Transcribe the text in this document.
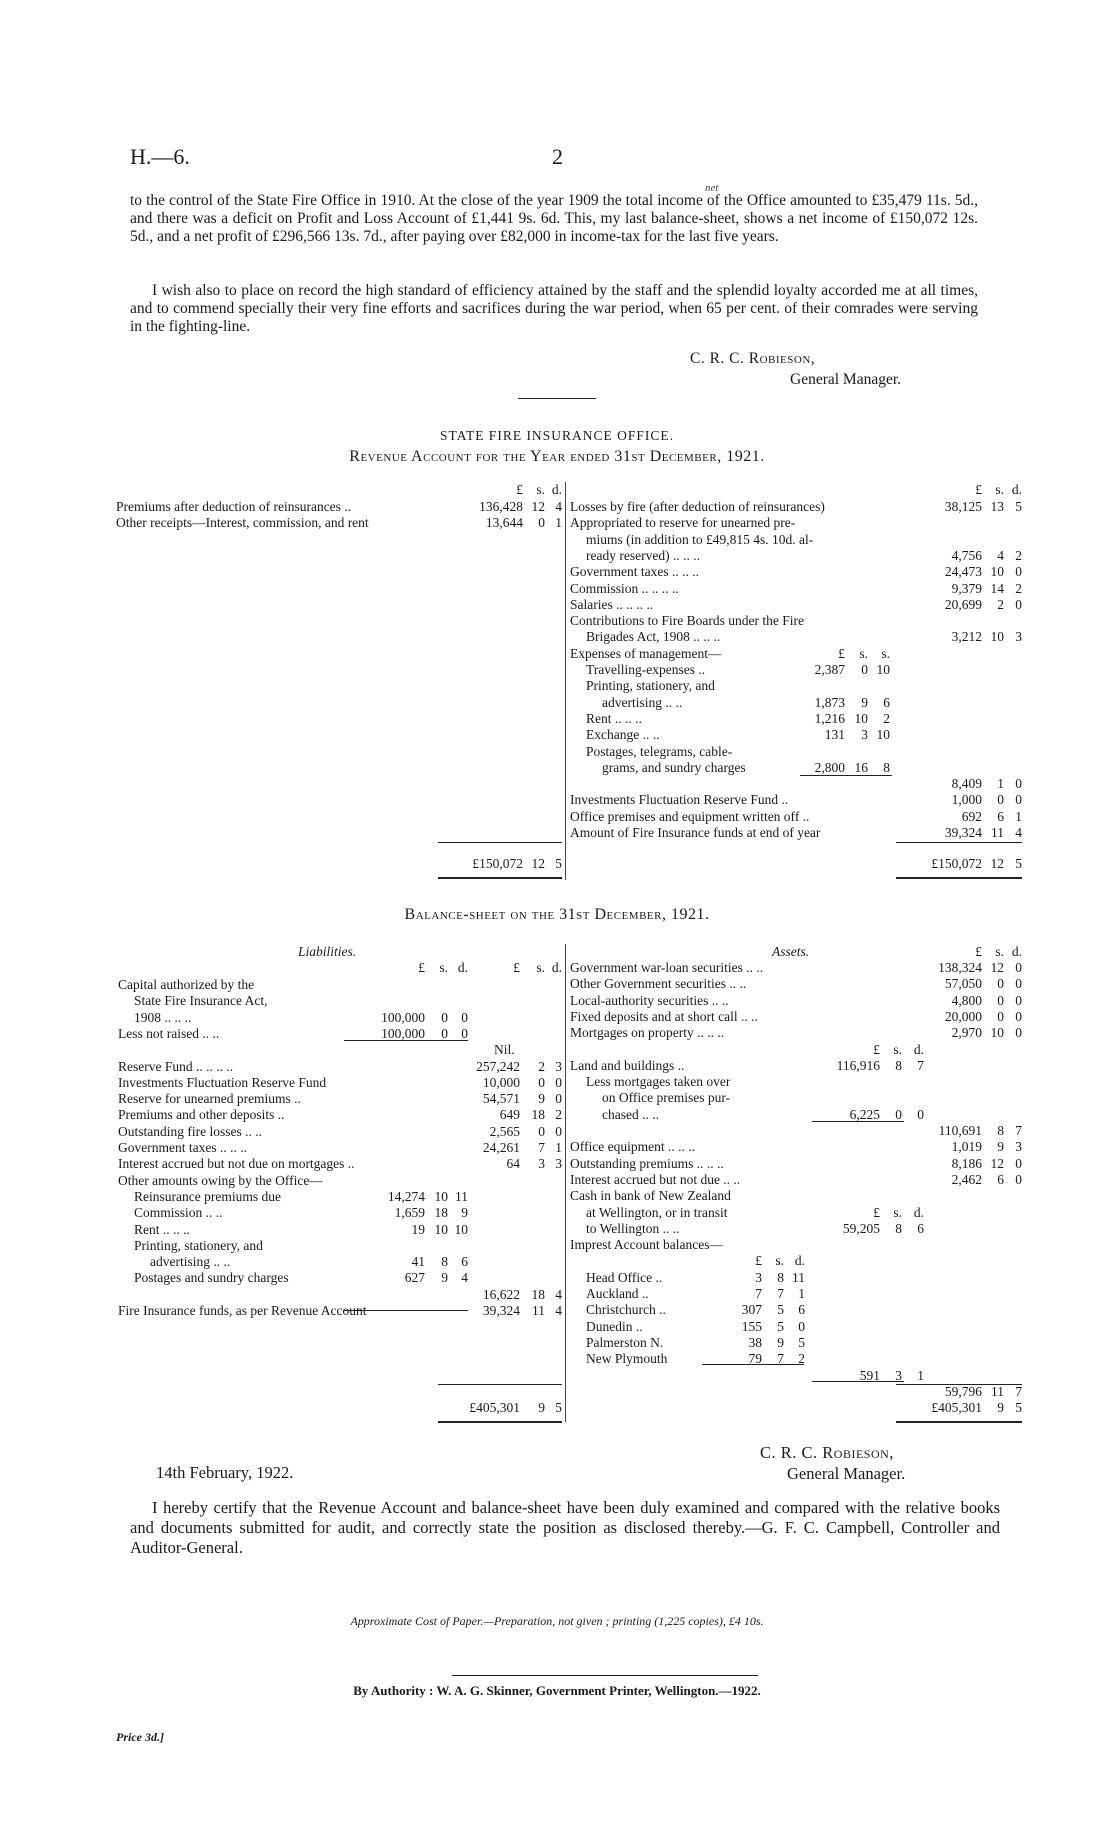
H.—6.	2
net
to the control of the State Fire Office in 1910. At the close of the year 1909 the total income of the Office amounted to £35,479 11s. 5d., and there was a deficit on Profit and Loss Account of £1,441 9s. 6d. This, my last balance-sheet, shows a net income of £150,072 12s. 5d., and a net profit of £296,566 13s. 7d., after paying over £82,000 in income-tax for the last five years.
I wish also to place on record the high standard of efficiency attained by the staff and the splendid loyalty accorded me at all times, and to commend specially their very fine efforts and sacrifices during the war period, when 65 per cent. of their comrades were serving in the fighting-line.
C. R. C. Robieson,
General Manager.
STATE FIRE INSURANCE OFFICE.
Revenue Account for the Year ended 31st December, 1921.
£ s. d.	£ s. d.
Premiums after deduction of reinsurances ..	136,428 12 4
Other receipts—Interest, commission, and rent	13,644	0 1
Losses by fire (after deduction of reinsurances)	38,125 13 5
Appropriated to reserve for unearned pre-
miums (in addition to £49,815 4s. 10d. al-
ready reserved) .. .. ..	4,756	4 2
Government taxes .. .. ..	24,473 10 0
Commission .. .. .. ..	9,379 14 2
Salaries .. .. .. ..	20,699	2 0
Contributions to Fire Boards under the Fire
Brigades Act, 1908 .. .. ..	3,212 10 3
Expenses of management—	£	s. s.
Travelling-expenses ..	2,387	0 10
Printing, stationery, and
advertising .. ..	1,873	9	6
Rent .. .. ..	1,216 10	2
Exchange .. ..	131	3 10
Postages, telegrams, cable-
grams, and sundry charges	2,800 16	8
8,409	1 0
Investments Fluctuation Reserve Fund ..	1,000	0 0
Office premises and equipment written off ..	692	6 1
Amount of Fire Insurance funds at end of year	39,324 11 4
£150,072 12 5	£150,072 12 5
Balance-sheet on the 31st December, 1921.
Liabilities.	Assets.
£	s. d.	£	s. d.
£ s. d.
Capital authorized by the
State Fire Insurance Act,
1908 .. .. ..	100,000	0 0
Less not raised .. ..	100,000	0 0
Nil.
Reserve Fund .. .. .. ..	257,242	2 3
Investments Fluctuation Reserve Fund	10,000	0 0
Reserve for unearned premiums ..	54,571	9 0
Premiums and other deposits ..	649 18 2
Outstanding fire losses .. ..	2,565	0 0
Government taxes .. .. ..	24,261	7 1
Interest accrued but not due on mortgages ..	64	3 3
Other amounts owing by the Office—
Reinsurance premiums due	14,274 10 11
Commission .. ..	1,659 18 9
Rent .. .. ..	19 10 10
Printing, stationery, and
advertising .. ..	41	8 6
Postages and sundry charges	627	9 4
16,622 18 4
Fire Insurance funds, as per Revenue Account	39,324 11 4
Government war-loan securities .. ..	138,324 12 0
Other Government securities .. ..	57,050	0 0
Local-authority securities .. ..	4,800	0 0
Fixed deposits and at short call .. ..	20,000	0 0
Mortgages on property .. .. ..	2,970 10 0
£ s. d.
Land and buildings ..	116,916	8	7
Less mortgages taken over
on Office premises pur-
chased .. ..	6,225	0	0
110,691	8 7
Office equipment .. .. ..	1,019	9 3
Outstanding premiums .. .. ..	8,186 12 0
Interest accrued but not due .. ..	2,462	6 0
Cash in bank of New Zealand
at Wellington, or in transit	£ s. d.
to Wellington .. ..	59,205	8	6
Imprest Account balances—
£ s. d.
Head Office ..	3	8 11
Auckland ..	7	7	1
Christchurch ..	307	5	6
Dunedin ..	155	5	0
Palmerston N.	38	9	5
New Plymouth	79	7	2
591	3	1
59,796 11 7
£405,301	9 5	£405,301	9 5
14th February, 1922.
C. R. C. Robieson,
General Manager.
I hereby certify that the Revenue Account and balance-sheet have been duly examined and compared with the relative books and documents submitted for audit, and correctly state the position as disclosed thereby.—G. F. C. Campbell, Controller and Auditor-General.
Approximate Cost of Paper.—Preparation, not given ; printing (1,225 copies), £4 10s.
By Authority : W. A. G. Skinner, Government Printer, Wellington.—1922.
Price 3d.]
